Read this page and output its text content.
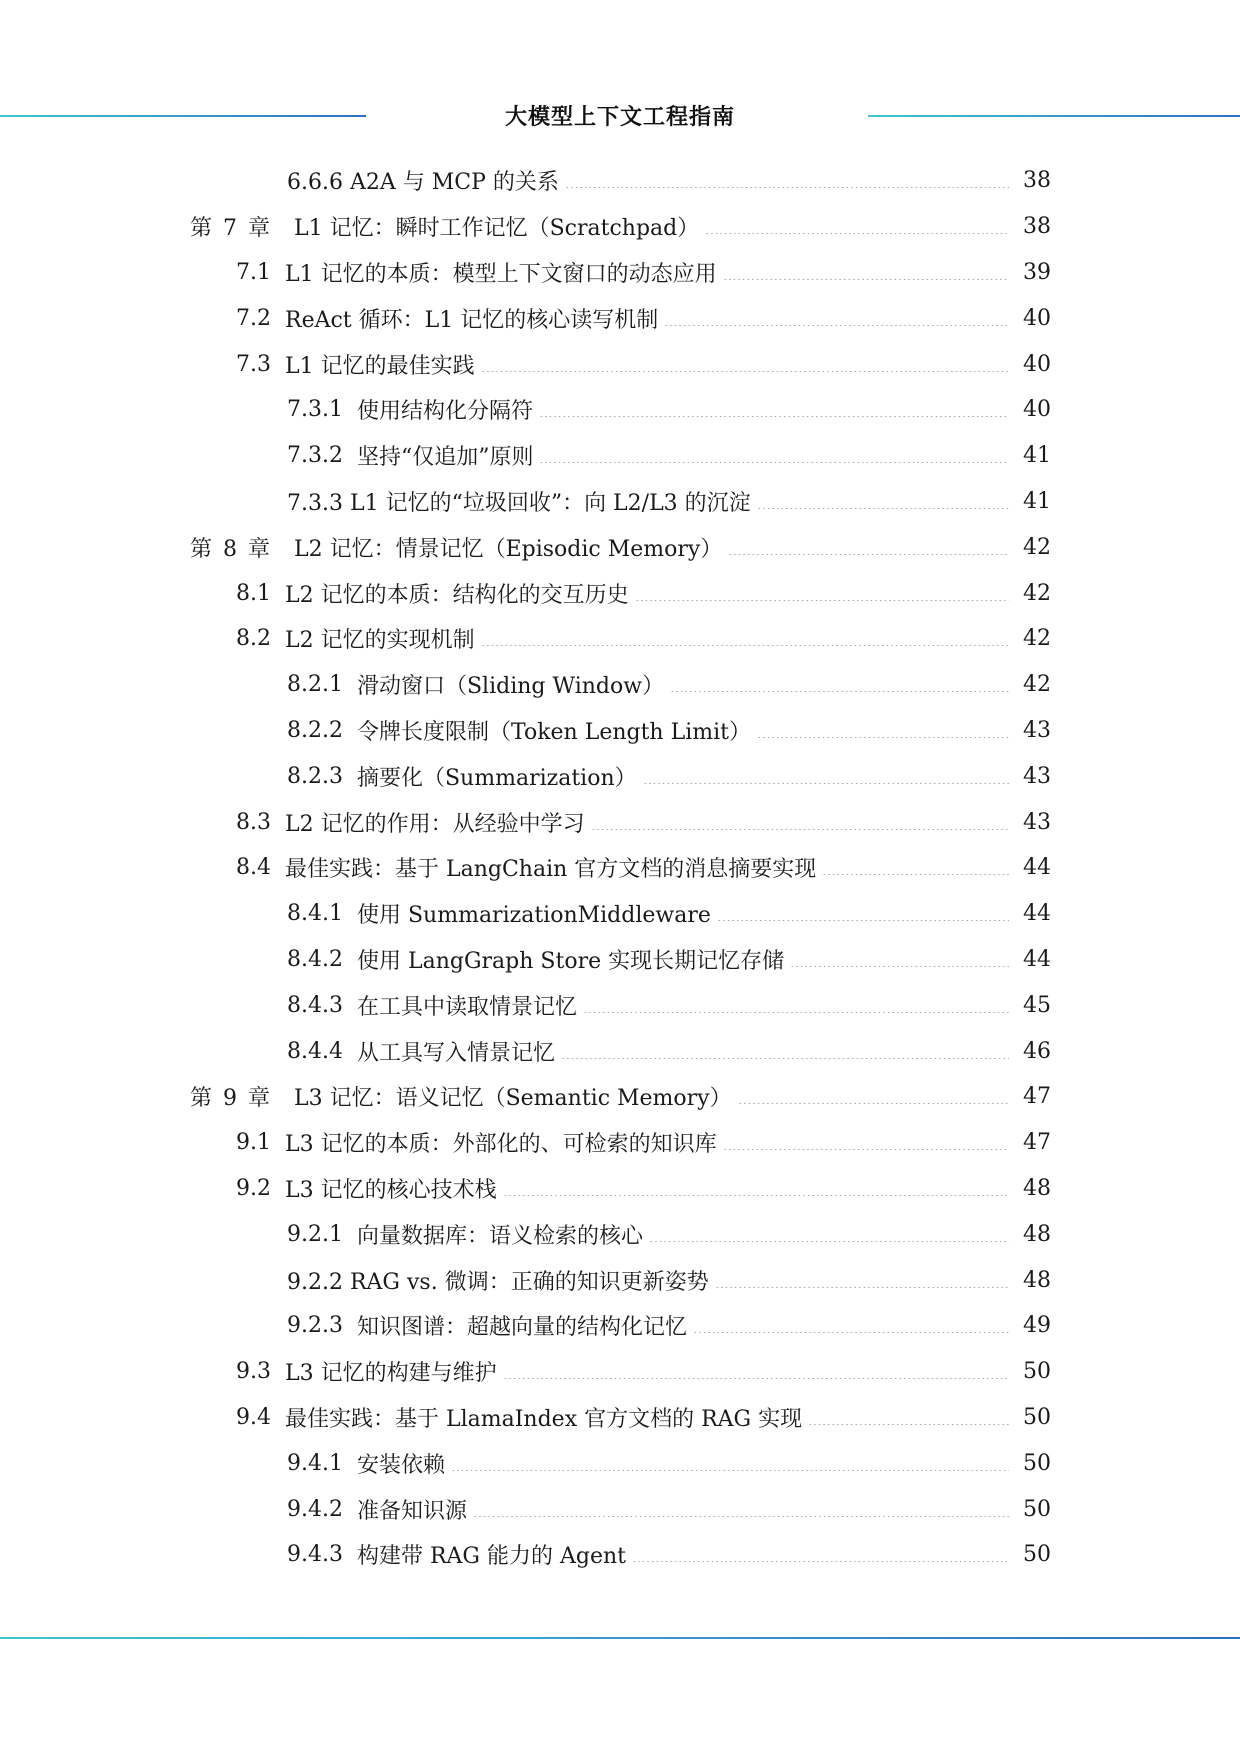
大模型上下文工程指南
6.6.6 A2A 与 MCP 的关系	38
第 7 章 L1 记忆：瞬时工作记忆（Scratchpad）	38
7.1 L1 记忆的本质：模型上下文窗口的动态应用	39
7.2 ReAct 循环：L1 记忆的核心读写机制	40
7.3 L1 记忆的最佳实践	40
7.3.1 使用结构化分隔符	40
7.3.2 坚持“仅追加”原则	41
7.3.3 L1 记忆的“垃圾回收”：向 L2/L3 的沉淀	41
第 8 章 L2 记忆：情景记忆（Episodic Memory）	42
8.1 L2 记忆的本质：结构化的交互历史	42
8.2 L2 记忆的实现机制	42
8.2.1 滑动窗口（Sliding Window）	42
8.2.2 令牌长度限制（Token Length Limit）	43
8.2.3 摘要化（Summarization）	43
8.3 L2 记忆的作用：从经验中学习	43
8.4 最佳实践：基于 LangChain 官方文档的消息摘要实现	44
8.4.1 使用 SummarizationMiddleware	44
8.4.2 使用 LangGraph Store 实现长期记忆存储	44
8.4.3 在工具中读取情景记忆	45
8.4.4 从工具写入情景记忆	46
第 9 章 L3 记忆：语义记忆（Semantic Memory）	47
9.1 L3 记忆的本质：外部化的、可检索的知识库	47
9.2 L3 记忆的核心技术栈	48
9.2.1 向量数据库：语义检索的核心	48
9.2.2 RAG vs. 微调：正确的知识更新姿势	48
9.2.3 知识图谱：超越向量的结构化记忆	49
9.3 L3 记忆的构建与维护	50
9.4 最佳实践：基于 LlamaIndex 官方文档的 RAG 实现	50
9.4.1 安装依赖	50
9.4.2 准备知识源	50
9.4.3 构建带 RAG 能力的 Agent	50
